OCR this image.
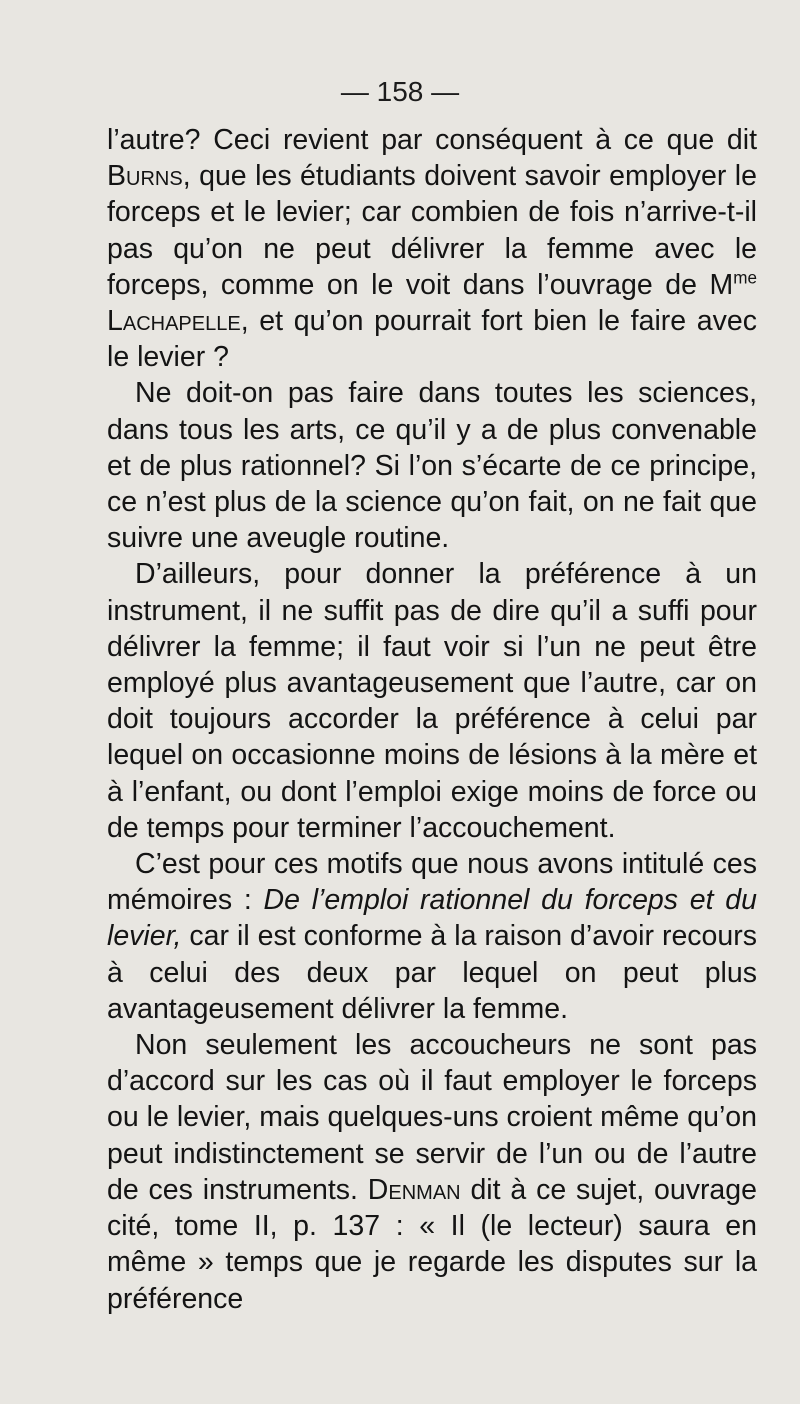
— 158 —

l’autre? Ceci revient par conséquent à ce que dit Burns, que les étudiants doivent savoir employer le forceps et le levier; car combien de fois n’arrive-t-il pas qu’on ne peut délivrer la femme avec le forceps, comme on le voit dans l’ouvrage de $M^{me}$ Lachapelle, et qu’on pourrait fort bien le faire avec le levier ?

Ne doit-on pas faire dans toutes les sciences, dans tous les arts, ce qu’il y a de plus convenable et de plus rationnel? Si l’on s’écarte de ce principe, ce n’est plus de la science qu’on fait, on ne fait que suivre une aveugle routine.

D’ailleurs, pour donner la préférence à un instrument, il ne suffit pas de dire qu’il a suffi pour délivrer la femme; il faut voir si l’un ne peut être employé plus avantageusement que l’autre, car on doit toujours accorder la préférence à celui par lequel on occasionne moins de lésions à la mère et à l’enfant, ou dont l’emploi exige moins de force ou de temps pour terminer l’accouchement.

C’est pour ces motifs que nous avons intitulé ces mémoires : De l’emploi rationnel du forceps et du levier, car il est conforme à la raison d’avoir recours à celui des deux par lequel on peut plus avantageusement délivrer la femme.

Non seulement les accoucheurs ne sont pas d’accord sur les cas où il faut employer le forceps ou le levier, mais quelques-uns croient même qu’on peut indistinctement se servir de l’un ou de l’autre de ces instruments. Denman dit à ce sujet, ouvrage cité, tome II, p. 137 : « Il (le lecteur) saura en même » temps que je regarde les disputes sur la préférence
